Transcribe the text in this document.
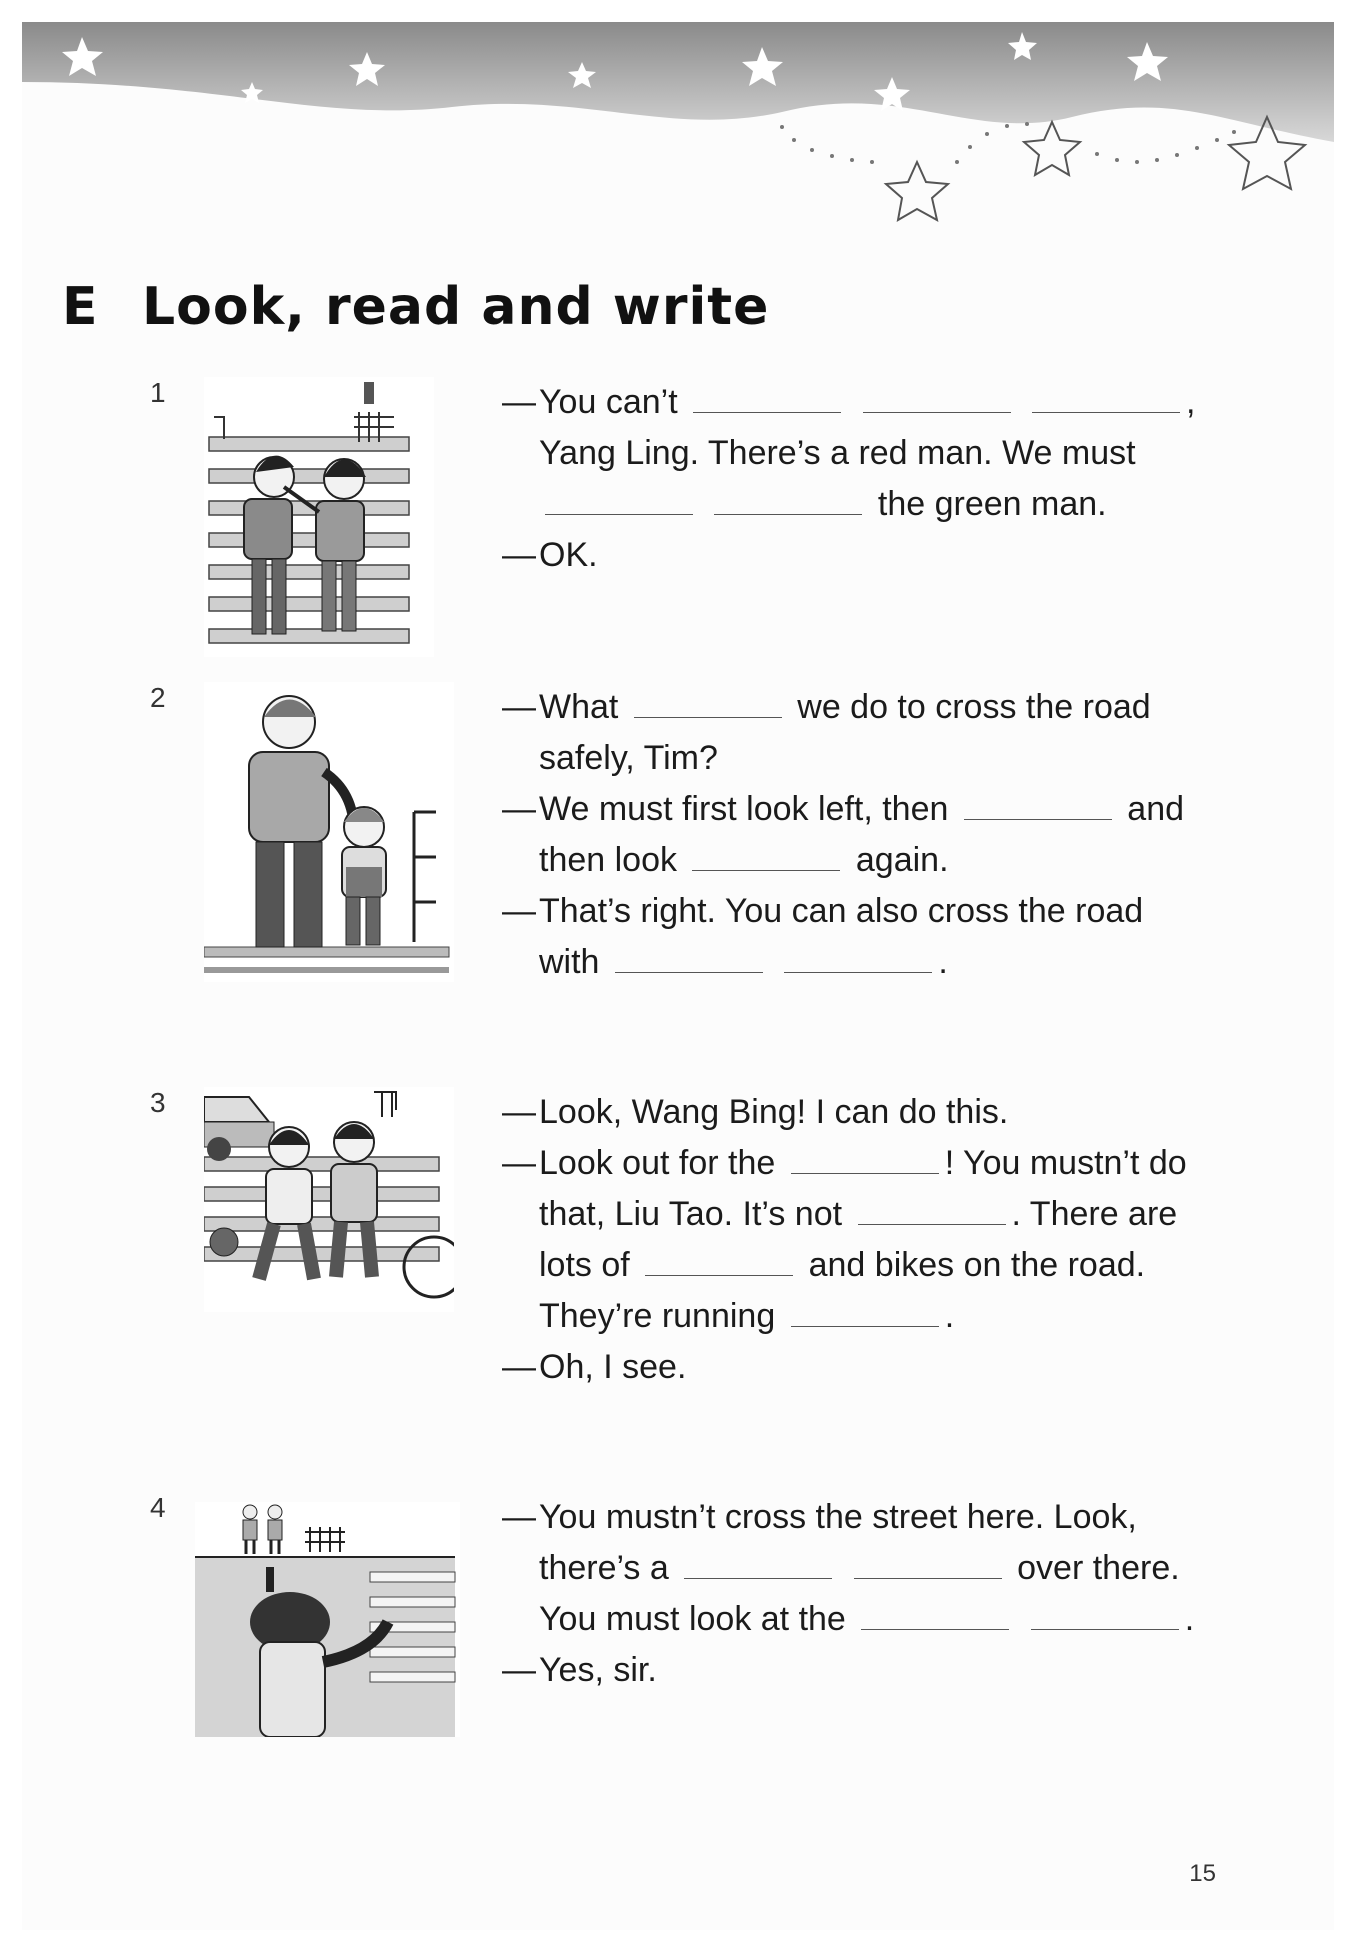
E Look, read and write
1	—You can’t	,
Yang Ling. There’s a red man. We must
the green man.
—OK.
2	—What	we do to cross the road
safely, Tim?
—We must first look left, then	and
then look	again.
—That’s right. You can also cross the road
with	.
3	—Look, Wang Bing! I can do this.
—Look out for the	! You mustn’t do
that, Liu Tao. It’s not	. There are
lots of	and bikes on the road.
They’re running	.
—Oh, I see.
4	—You mustn’t cross the street here. Look,
there’s a	over there.
You must look at the	.
—Yes, sir.
15
